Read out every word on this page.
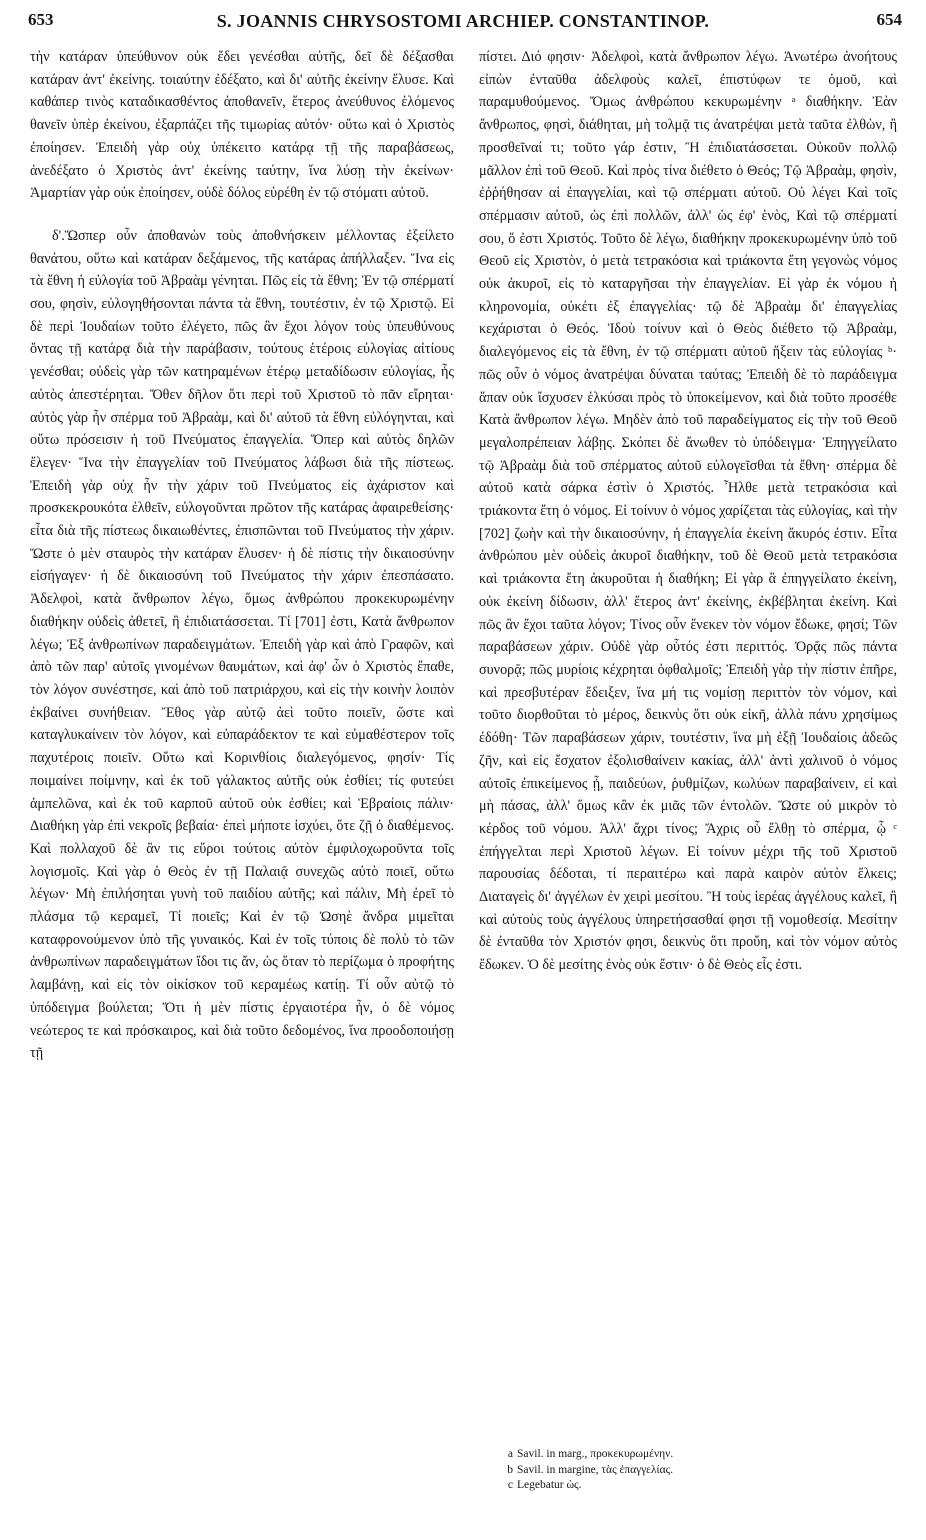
653	S. JOANNIS CHRYSOSTOMI ARCHIEP. CONSTANTINOP.	654

τὴν κατάραν ὑπεύθυνον οὐκ ἔδει γενέσθαι αὐτῆς, δεῖ δὲ δέξασθαι κατάραν ἀντ' ἐκείνης. τοιαύτην ἐδέξατο, καὶ δι' αὐτῆς ἐκείνην ἔλυσε. Καὶ καθάπερ τινὸς καταδικασθέντος ἀποθανεῖν, ἕτερος ἀνεύθυνος ἑλόμενος θανεῖν ὑπὲρ ἐκείνου, ἐξαρπάζει τῆς τιμωρίας αὐτόν· οὕτω καὶ ὁ Χριστὸς ἐποίησεν. Ἐπειδὴ γὰρ οὐχ ὑπέκειτο κατάρᾳ τῇ τῆς παραβάσεως, ἀνεδέξατο ὁ Χριστὸς ἀντ' ἐκείνης ταύτην, ἵνα λύσῃ τὴν ἐκείνων· Ἁμαρτίαν γὰρ οὐκ ἐποίησεν, οὐδὲ δόλος εὑρέθη ἐν τῷ στόματι αὐτοῦ.

δ'.Ὥσπερ οὖν ἀποθανὼν τοὺς ἀποθνήσκειν μέλλοντας ἐξείλετο θανάτου, οὕτω καὶ κατάραν δεξάμενος, τῆς κατάρας ἀπήλλαξεν. Ἵνα εἰς τὰ ἔθνη ἡ εὐλογία τοῦ Ἀβραὰμ γένηται. Πῶς εἰς τὰ ἔθνη; Ἐν τῷ σπέρματί σου, φησὶν, εὐλογηθήσονται πάντα τὰ ἔθνη, τουτέστιν, ἐν τῷ Χριστῷ. Εἰ δὲ περὶ Ἰουδαίων τοῦτο ἐλέγετο, πῶς ἂν ἔχοι λόγον τοὺς ὑπευθύνους ὄντας τῇ κατάρᾳ διὰ τὴν παράβασιν, τούτους ἑτέροις εὐλογίας αἰτίους γενέσθαι; οὐδεὶς γὰρ τῶν κατηραμένων ἑτέρῳ μεταδίδωσιν εὐλογίας, ἧς αὐτὸς ἀπεστέρηται. Ὅθεν δῆλον ὅτι περὶ τοῦ Χριστοῦ τὸ πᾶν εἴρηται· αὐτὸς γὰρ ἦν σπέρμα τοῦ Ἀβραὰμ, καὶ δι' αὐτοῦ τὰ ἔθνη εὐλόγηνται, καὶ οὕτω πρόσεισιν ἡ τοῦ Πνεύματος ἐπαγγελία. Ὅπερ καὶ αὐτὸς δηλῶν ἔλεγεν· Ἵνα τὴν ἐπαγγελίαν τοῦ Πνεύματος λάβωσι διὰ τῆς πίστεως. Ἐπειδὴ γὰρ οὐχ ἦν τὴν χάριν τοῦ Πνεύματος εἰς ἀχάριστον καὶ προσκεκρουκότα ἐλθεῖν, εὐλογοῦνται πρῶτον τῆς κατάρας ἀφαιρεθείσης· εἶτα διὰ τῆς πίστεως δικαιωθέντες, ἐπισπῶνται τοῦ Πνεύματος τὴν χάριν. Ὥστε ὁ μὲν σταυρὸς τὴν κατάραν ἔλυσεν· ἡ δὲ πίστις τὴν δικαιοσύνην εἰσήγαγεν· ἡ δὲ δικαιοσύνη τοῦ Πνεύματος τὴν χάριν ἐπεσπάσατο. Ἀδελφοὶ, κατὰ ἄνθρωπον λέγω, ὅμως ἀνθρώπου προκεκυρωμένην διαθήκην οὐδεὶς ἀθετεῖ, ἢ ἐπιδιατάσσεται. Τί [701] ἐστι, Κατὰ ἄνθρωπον λέγω; Ἐξ ἀνθρωπίνων παραδειγμάτων. Ἐπειδὴ γὰρ καὶ ἀπὸ Γραφῶν, καὶ ἀπὸ τῶν παρ' αὐτοῖς γινομένων θαυμάτων, καὶ ἀφ' ὧν ὁ Χριστὸς ἔπαθε, τὸν λόγον συνέστησε, καὶ ἀπὸ τοῦ πατριάρχου, καὶ εἰς τὴν κοινὴν λοιπὸν ἐκβαίνει συνήθειαν. Ἔθος γὰρ αὐτῷ ἀεὶ τοῦτο ποιεῖν, ὥστε καὶ καταγλυκαίνειν τὸν λόγον, καὶ εὐπαράδεκτον τε καὶ εὐμαθέστερον τοῖς παχυτέροις ποιεῖν. Οὕτω καὶ Κορινθίοις διαλεγόμενος, φησίν· Τίς ποιμαίνει ποίμνην, καὶ ἐκ τοῦ γάλακτος αὐτῆς οὐκ ἐσθίει; τίς φυτεύει ἀμπελῶνα, καὶ ἐκ τοῦ καρποῦ αὐτοῦ οὐκ ἐσθίει; καὶ Ἑβραίοις πάλιν· Διαθήκη γὰρ ἐπὶ νεκροῖς βεβαία· ἐπεὶ μήποτε ἰσχύει, ὅτε ζῇ ὁ διαθέμενος. Καὶ πολλαχοῦ δὲ ἂν τις εὕροι τούτοις αὐτὸν ἐμφιλοχωροῦντα τοῖς λογισμοῖς. Καὶ γὰρ ὁ Θεὸς ἐν τῇ Παλαιᾷ συνεχῶς αὐτὸ ποιεῖ, οὕτω λέγων· Μὴ ἐπιλήσηται γυνὴ τοῦ παιδίου αὐτῆς; καὶ πάλιν, Μὴ ἐρεῖ τὸ πλάσμα τῷ κεραμεῖ, Τί ποιεῖς; Καὶ ἐν τῷ Ὠσηὲ ἄνδρα μιμεῖται καταφρονούμενον ὑπὸ τῆς γυναικός. Καὶ ἐν τοῖς τύποις δὲ πολὺ τὸ τῶν ἀνθρωπίνων παραδειγμάτων ἴδοι τις ἄν, ὡς ὅταν τὸ περίζωμα ὁ προφήτης λαμβάνῃ, καὶ εἰς τὸν οἰκίσκον τοῦ κεραμέως κατίῃ. Τί οὖν αὐτῷ τὸ ὑπόδειγμα βούλεται; Ὅτι ἡ μὲν πίστις ἐργαιοτέρα ἦν, ὁ δὲ νόμος νεώτερος τε καὶ πρόσκαιρος, καὶ διὰ τοῦτο δεδομένος, ἵνα προοδοποιήσῃ τῇ

πίστει. Διό φησιν· Ἀδελφοὶ, κατὰ ἄνθρωπον λέγω. Ἀνωτέρω ἀνοήτους εἰπὼν ἐνταῦθα ἀδελφοὺς καλεῖ, ἐπιστύφων τε ὁμοῦ, καὶ παραμυθούμενος. Ὅμως ἀνθρώπου κεκυρωμένην ᵃ διαθήκην. Ἐὰν ἄνθρωπος, φησὶ, διάθηται, μὴ τολμᾷ τις ἀνατρέψαι μετὰ ταῦτα ἐλθὼν, ἢ προσθεῖναί τι; τοῦτο γάρ ἐστιν, Ἢ ἐπιδιατάσσεται. Οὐκοῦν πολλῷ μᾶλλον ἐπὶ τοῦ Θεοῦ. Καὶ πρὸς τίνα διέθετο ὁ Θεός; Τῷ Ἀβραὰμ, φησὶν, ἐῤῥήθησαν αἱ ἐπαγγελίαι, καὶ τῷ σπέρματι αὐτοῦ. Οὐ λέγει Καὶ τοῖς σπέρμασιν αὐτοῦ, ὡς ἐπὶ πολλῶν, ἀλλ' ὡς ἐφ' ἑνὸς, Καὶ τῷ σπέρματί σου, ὅ ἐστι Χριστός. Τοῦτο δὲ λέγω, διαθήκην προκεκυρωμένην ὑπὸ τοῦ Θεοῦ εἰς Χριστὸν, ὁ μετὰ τετρακόσια καὶ τριάκοντα ἔτη γεγονὼς νόμος οὐκ ἀκυροῖ, εἰς τὸ καταργῆσαι τὴν ἐπαγγελίαν. Εἰ γὰρ ἐκ νόμου ἡ κληρονομία, οὐκέτι ἐξ ἐπαγγελίας· τῷ δὲ Ἀβραὰμ δι' ἐπαγγελίας κεχάρισται ὁ Θεός. Ἰδοὺ τοίνυν καὶ ὁ Θεὸς διέθετο τῷ Ἀβραὰμ, διαλεγόμενος εἰς τὰ ἔθνη, ἐν τῷ σπέρματι αὐτοῦ ἥξειν τὰς εὐλογίας ᵇ· πῶς οὖν ὁ νόμος ἀνατρέψαι δύναται ταύτας; Ἐπειδὴ δὲ τὸ παράδειγμα ἅπαν οὐκ ἴσχυσεν ἑλκύσαι πρὸς τὸ ὑποκείμενον, καὶ διὰ τοῦτο προσέθε Κατὰ ἄνθρωπον λέγω. Μηδὲν ἀπὸ τοῦ παραδείγματος εἰς τὴν τοῦ Θεοῦ μεγαλοπρέπειαν λάβῃς. Σκόπει δὲ ἄνωθεν τὸ ὑπόδειγμα· Ἐπηγγείλατο τῷ Ἀβραὰμ διὰ τοῦ σπέρματος αὐτοῦ εὐλογεῖσθαι τὰ ἔθνη· σπέρμα δὲ αὐτοῦ κατὰ σάρκα ἐστὶν ὁ Χριστός. Ἦλθε μετὰ τετρακόσια καὶ τριάκοντα ἔτη ὁ νόμος. Εἰ τοίνυν ὁ νόμος χαρίζεται τὰς εὐλογίας, καὶ τὴν [702] ζωὴν καὶ τὴν δικαιοσύνην, ἡ ἐπαγγελία ἐκείνη ἄκυρός ἐστιν. Εἶτα ἀνθρώπου μὲν οὐδεὶς ἀκυροῖ διαθήκην, τοῦ δὲ Θεοῦ μετὰ τετρακόσια καὶ τριάκοντα ἔτη ἀκυροῦται ἡ διαθήκη; Εἰ γὰρ ἃ ἐπηγγείλατο ἐκείνη, οὐκ ἐκείνη δίδωσιν, ἀλλ' ἕτερος ἀντ' ἐκείνης, ἐκβέβληται ἐκείνη. Καὶ πῶς ἂν ἔχοι ταῦτα λόγον; Τίνος οὖν ἕνεκεν τὸν νόμον ἔδωκε, φησί; Τῶν παραβάσεων χάριν. Οὐδὲ γὰρ οὗτός ἐστι περιττός. Ὁρᾷς πῶς πάντα συνορᾷ; πῶς μυρίοις κέχρηται ὀφθαλμοῖς; Ἐπειδὴ γὰρ τὴν πίστιν ἐπῆρε, καὶ πρεσβυτέραν ἔδειξεν, ἵνα μή τις νομίσῃ περιττὸν τὸν νόμον, καὶ τοῦτο διορθοῦται τὸ μέρος, δεικνὺς ὅτι οὐκ εἰκῆ, ἀλλὰ πάνυ χρησίμως ἐδόθη· Τῶν παραβάσεων χάριν, τουτέστιν, ἵνα μὴ ἐξῇ Ἰουδαίοις ἀδεῶς ζῆν, καὶ εἰς ἔσχατον ἐξολισθαίνειν κακίας, ἀλλ' ἀντὶ χαλινοῦ ὁ νόμος αὐτοῖς ἐπικείμενος ᾖ, παιδεύων, ῥυθμίζων, κωλύων παραβαίνειν, εἰ καὶ μὴ πάσας, ἀλλ' ὅμως κἂν ἐκ μιᾶς τῶν ἐντολῶν. Ὥστε οὐ μικρὸν τὸ κέρδος τοῦ νόμου. Ἀλλ' ἄχρι τίνος; Ἄχρις οὗ ἔλθῃ τὸ σπέρμα, ᾧ ᶜ ἐπήγγελται περὶ Χριστοῦ λέγων. Εἰ τοίνυν μέχρι τῆς τοῦ Χριστοῦ παρουσίας δέδοται, τί περαιτέρω καὶ παρὰ καιρὸν αὐτὸν ἕλκεις; Διαταγεὶς δι' ἀγγέλων ἐν χειρὶ μεσίτου. Ἢ τοὺς ἱερέας ἀγγέλους καλεῖ, ἢ καὶ αὐτοὺς τοὺς ἀγγέλους ὑπηρετήσασθαί φησι τῇ νομοθεσίᾳ. Μεσίτην δὲ ἐνταῦθα τὸν Χριστόν φησι, δεικνὺς ὅτι προὔη, καὶ τὸν νόμον αὐτὸς ἔδωκεν. Ὁ δὲ μεσίτης ἑνὸς οὐκ ἔστιν· ὁ δὲ Θεὸς εἷς ἐστι.

a Savil. in marg., προκεκυρωμένην.

b Savil. in margine, τὰς ἐπαγγελίας.

c Legebatur ὡς.
